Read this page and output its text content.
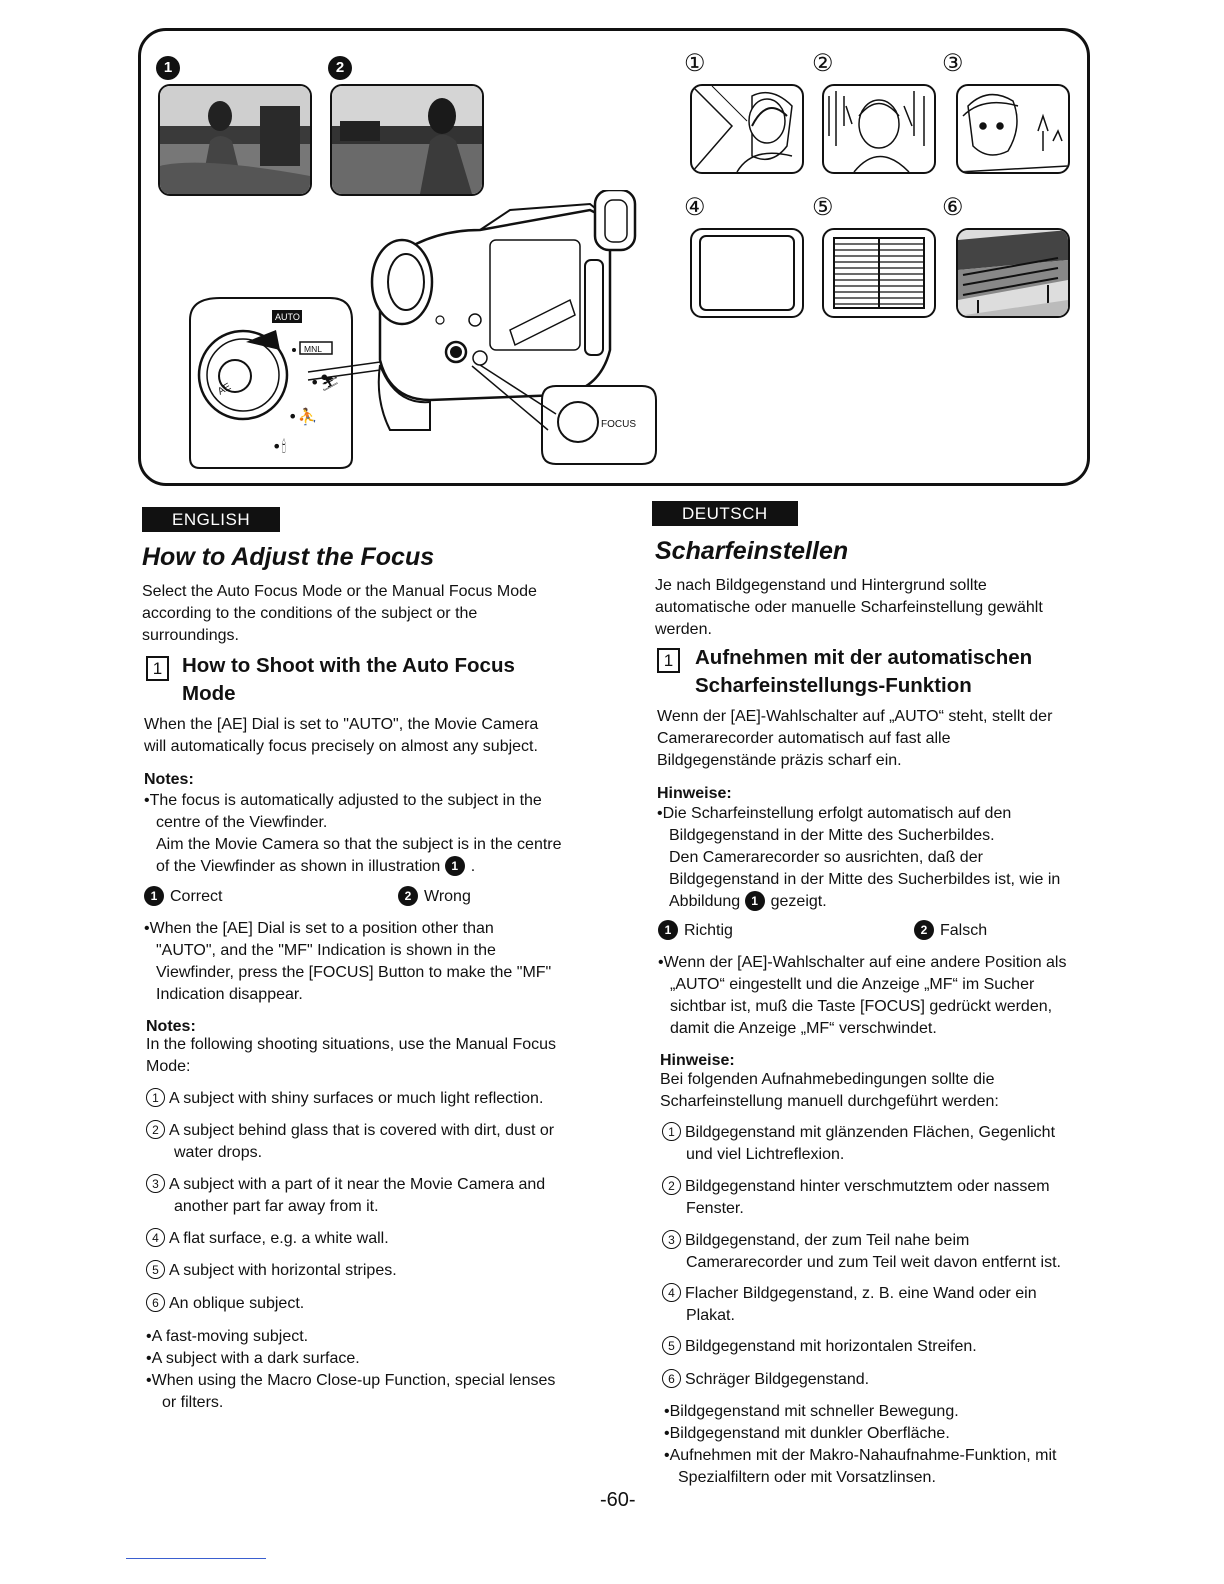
1	2
AUTO
MNL
AE	•⛷
•⛹
•🕯
FOCUS
①	②	③
④	⑤	⑥
ENGLISH
How to Adjust the Focus
Select the Auto Focus Mode or the Manual Focus Mode
according to the conditions of the subject or the
surroundings.
1 How to Shoot with the Auto Focus
Mode
When the [AE] Dial is set to "AUTO", the Movie Camera
will automatically focus precisely on almost any subject.
Notes:
•The focus is automatically adjusted to the subject in the
centre of the Viewfinder.
Aim the Movie Camera so that the subject is in the centre
of the Viewfinder as shown in illustration 1 .
1 Correct	2 Wrong
•When the [AE] Dial is set to a position other than
"AUTO", and the "MF" Indication is shown in the
Viewfinder, press the [FOCUS] Button to make the "MF"
Indication disappear.
Notes:
In the following shooting situations, use the Manual Focus
Mode:
1 A subject with shiny surfaces or much light reflection.
2 A subject behind glass that is covered with dirt, dust or
water drops.
3 A subject with a part of it near the Movie Camera and
another part far away from it.
4 A flat surface, e.g. a white wall.
5 A subject with horizontal stripes.
6 An oblique subject.
•A fast-moving subject.
•A subject with a dark surface.
•When using the Macro Close-up Function, special lenses
or filters.
DEUTSCH
Scharfeinstellen
Je nach Bildgegenstand und Hintergrund sollte
automatische oder manuelle Scharfeinstellung gewählt
werden.
1	Aufnehmen mit der automatischen
Scharfeinstellungs-Funktion
Wenn der [AE]-Wahlschalter auf „AUTO“ steht, stellt der
Camerarecorder automatisch auf fast alle
Bildgegenstände präzis scharf ein.
Hinweise:
•Die Scharfeinstellung erfolgt automatisch auf den
Bildgegenstand in der Mitte des Sucherbildes.
Den Camerarecorder so ausrichten, daß der
Bildgegenstand in der Mitte des Sucherbildes ist, wie in
Abbildung 1 gezeigt.
1 Richtig	2 Falsch
•Wenn der [AE]-Wahlschalter auf eine andere Position als
„AUTO“ eingestellt und die Anzeige „MF“ im Sucher
sichtbar ist, muß die Taste [FOCUS] gedrückt werden,
damit die Anzeige „MF“ verschwindet.
Hinweise:
Bei folgenden Aufnahmebedingungen sollte die
Scharfeinstellung manuell durchgeführt werden:
1 Bildgegenstand mit glänzenden Flächen, Gegenlicht
und viel Lichtreflexion.
2 Bildgegenstand hinter verschmutztem oder nassem
Fenster.
3 Bildgegenstand, der zum Teil nahe beim
Camerarecorder und zum Teil weit davon entfernt ist.
4 Flacher Bildgegenstand, z. B. eine Wand oder ein
Plakat.
5 Bildgegenstand mit horizontalen Streifen.
6 Schräger Bildgegenstand.
•Bildgegenstand mit schneller Bewegung.
•Bildgegenstand mit dunkler Oberfläche.
•Aufnehmen mit der Makro-Nahaufnahme-Funktion, mit
Spezialfiltern oder mit Vorsatzlinsen.
-60-
